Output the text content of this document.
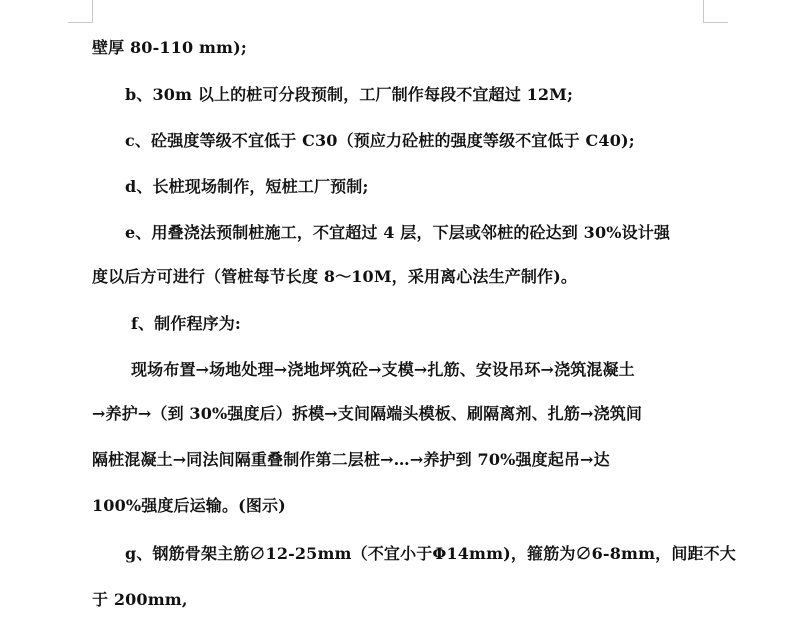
壁厚 80-110 mm);
b、30m 以上的桩可分段预制，工厂制作每段不宜超过 12M;
c、砼强度等级不宜低于 C30（预应力砼桩的强度等级不宜低于 C40);
d、长桩现场制作，短桩工厂预制;
e、用叠浇法预制桩施工，不宜超过 4 层，下层或邻桩的砼达到 30%设计强
度以后方可进行（管桩每节长度 8～10M，采用离心法生产制作)。
f、制作程序为:
现场布置→场地处理→浇地坪筑砼→支模→扎筋、安设吊环→浇筑混凝土
→养护→（到 30%强度后）拆模→支间隔端头模板、刷隔离剂、扎筋→浇筑间
隔桩混凝土→同法间隔重叠制作第二层桩→…→养护到 70%强度起吊→达
100%强度后运输。(图示)
g、钢筋骨架主筋∅12-25mm（不宜小于Φ14mm)，箍筋为∅6-8mm，间距不大
于 200mm,
